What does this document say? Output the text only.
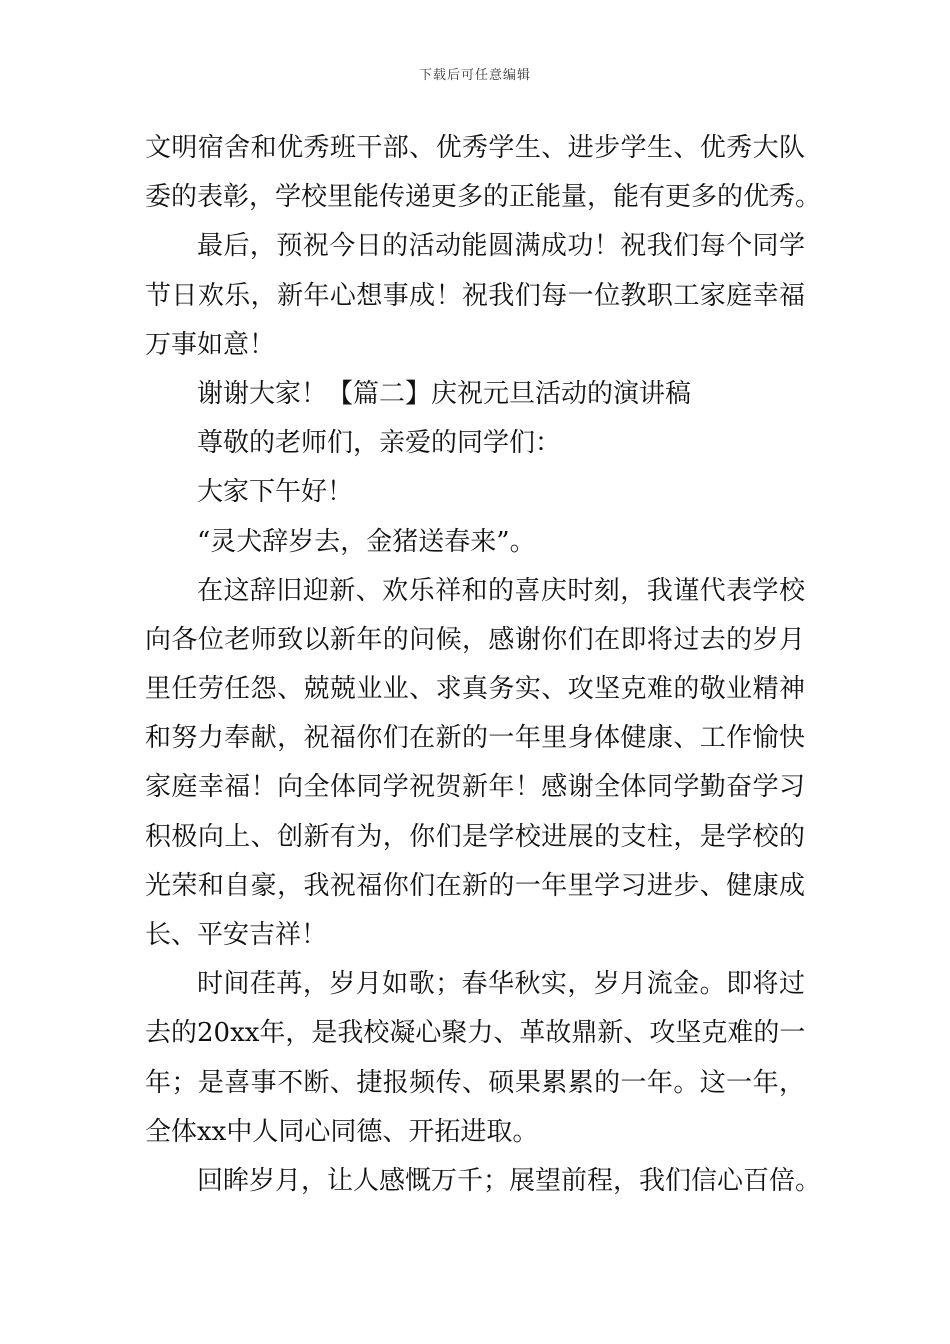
下载后可任意编辑
文明宿舍和优秀班干部、优秀学生、进步学生、优秀大队
委的表彰，学校里能传递更多的正能量，能有更多的优秀。
最后，预祝今日的活动能圆满成功！祝我们每个同学
节日欢乐，新年心想事成！祝我们每一位教职工家庭幸福
万事如意！
谢谢大家！【篇二】庆祝元旦活动的演讲稿
尊敬的老师们，亲爱的同学们：
大家下午好！
“灵犬辞岁去，金猪送春来”。
在这辞旧迎新、欢乐祥和的喜庆时刻，我谨代表学校
向各位老师致以新年的问候，感谢你们在即将过去的岁月
里任劳任怨、兢兢业业、求真务实、攻坚克难的敬业精神
和努力奉献，祝福你们在新的一年里身体健康、工作愉快
家庭幸福！向全体同学祝贺新年！感谢全体同学勤奋学习
积极向上、创新有为，你们是学校进展的支柱，是学校的
光荣和自豪，我祝福你们在新的一年里学习进步、健康成
长、平安吉祥！
时间荏苒，岁月如歌；春华秋实，岁月流金。即将过
去的20xx年，是我校凝心聚力、革故鼎新、攻坚克难的一
年；是喜事不断、捷报频传、硕果累累的一年。这一年，
全体xx中人同心同德、开拓进取。
回眸岁月，让人感慨万千；展望前程，我们信心百倍。
